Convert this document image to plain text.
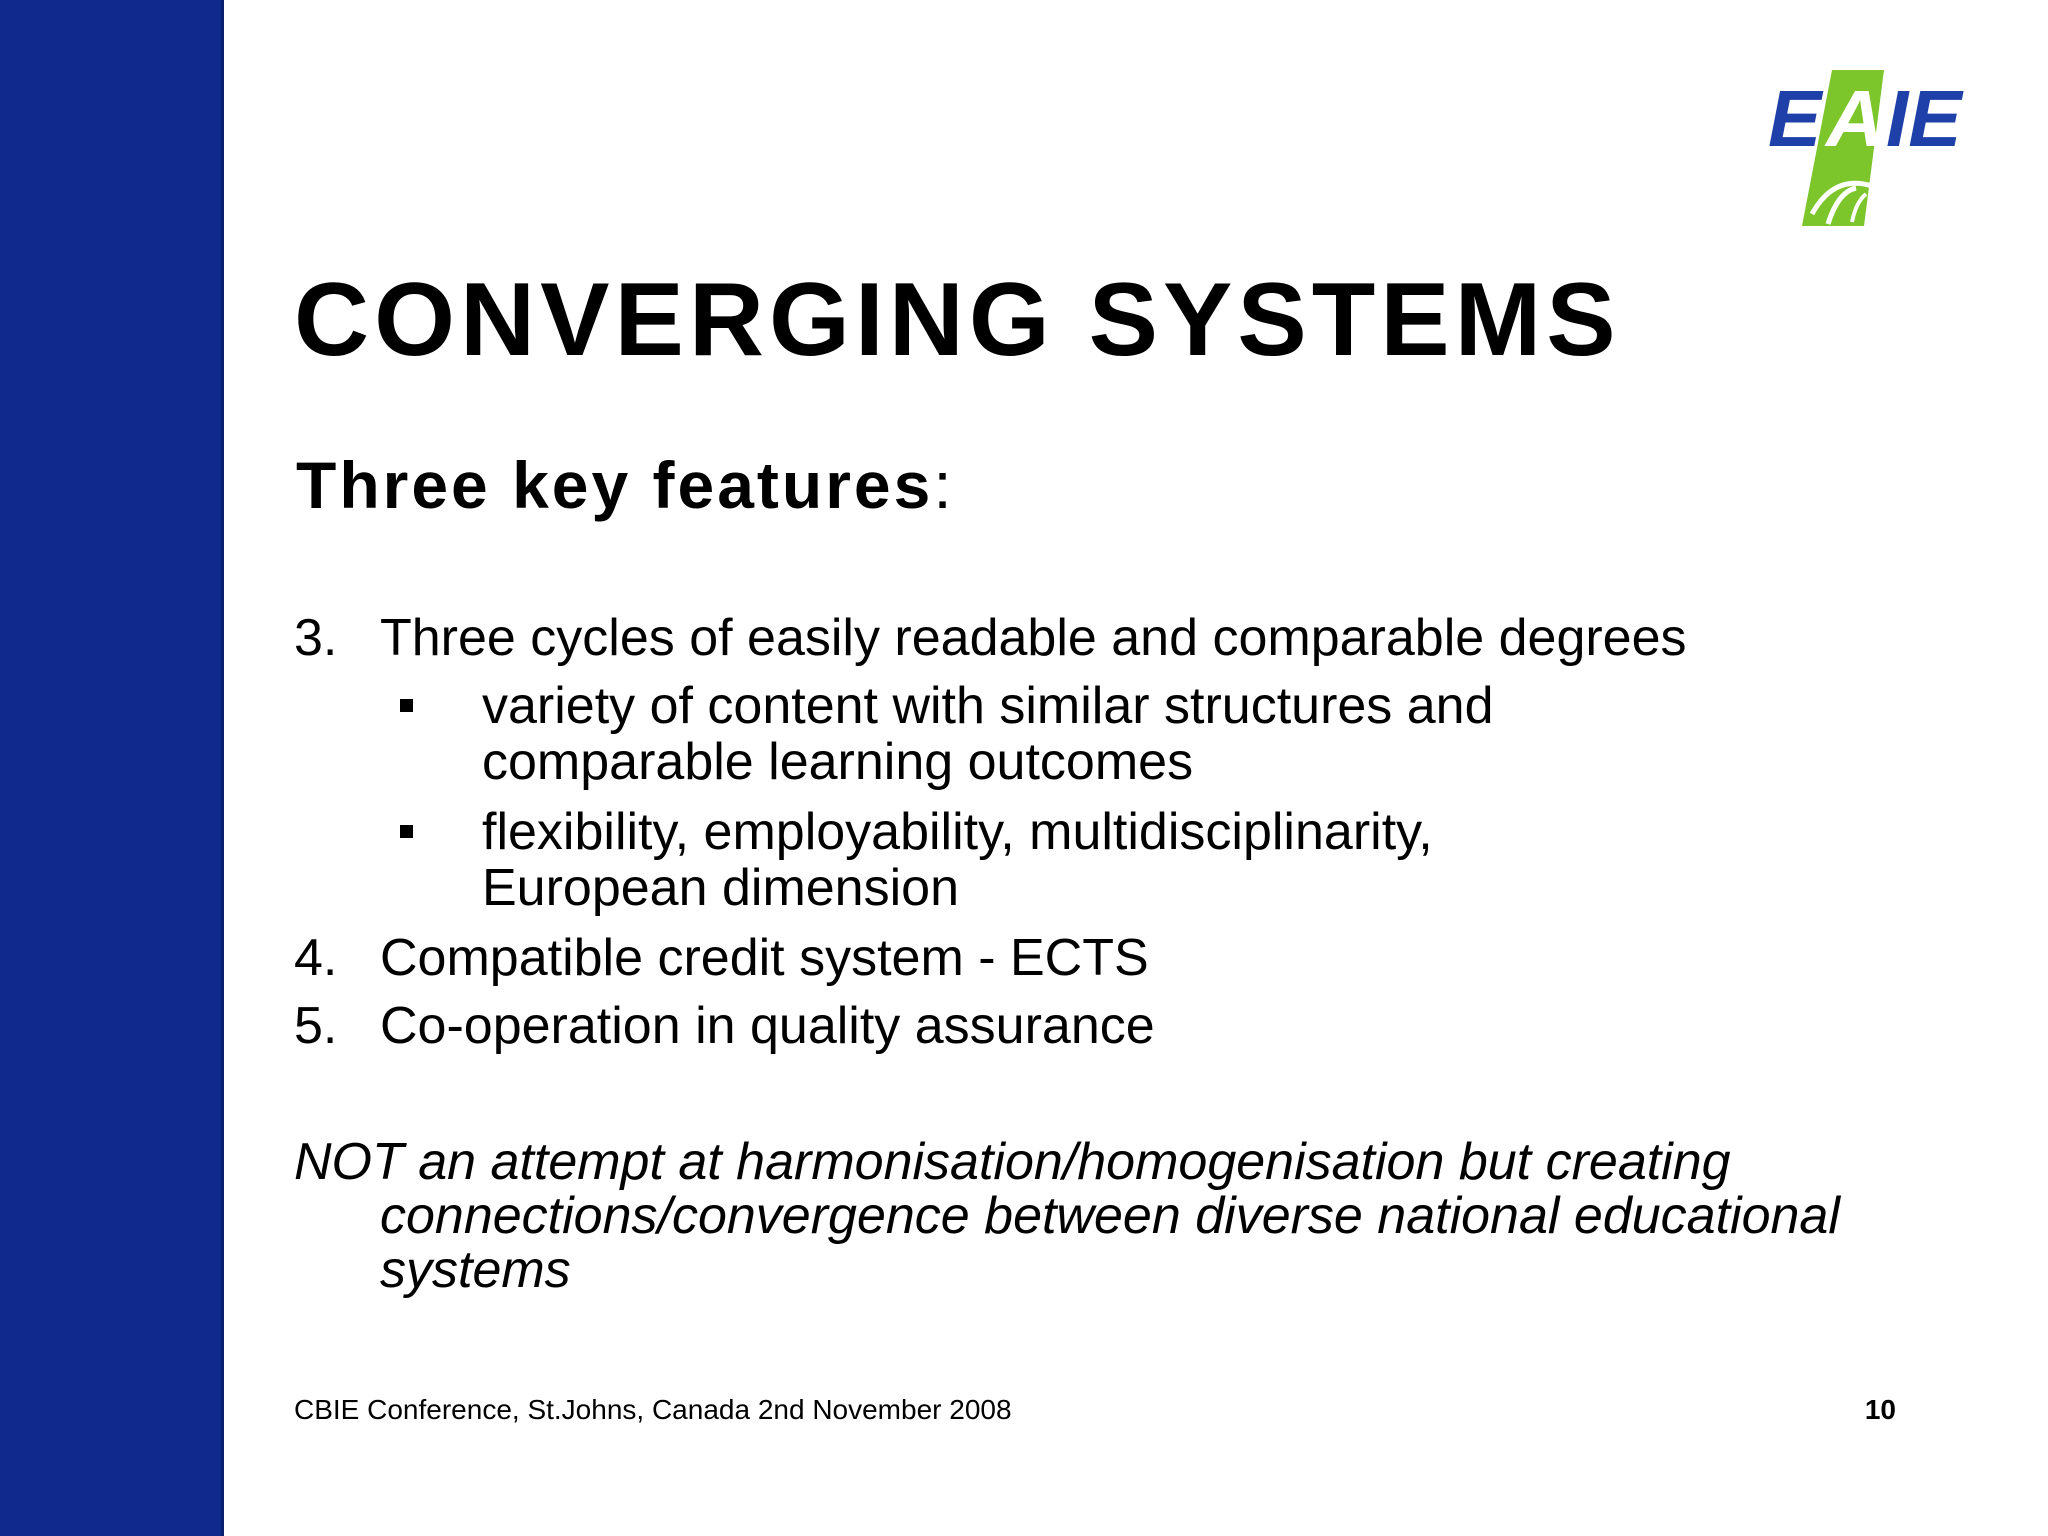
E A IE
CONVERGING SYSTEMS
Three key features:
3. Three cycles of easily readable and comparable degrees
variety of content with similar structures and comparable learning outcomes
flexibility, employability, multidisciplinarity, European dimension
4. Compatible credit system - ECTS
5. Co-operation in quality assurance
NOT an attempt at harmonisation/homogenisation but creating connections/convergence between diverse national educational systems
CBIE Conference, St.Johns, Canada 2nd November 2008	10
